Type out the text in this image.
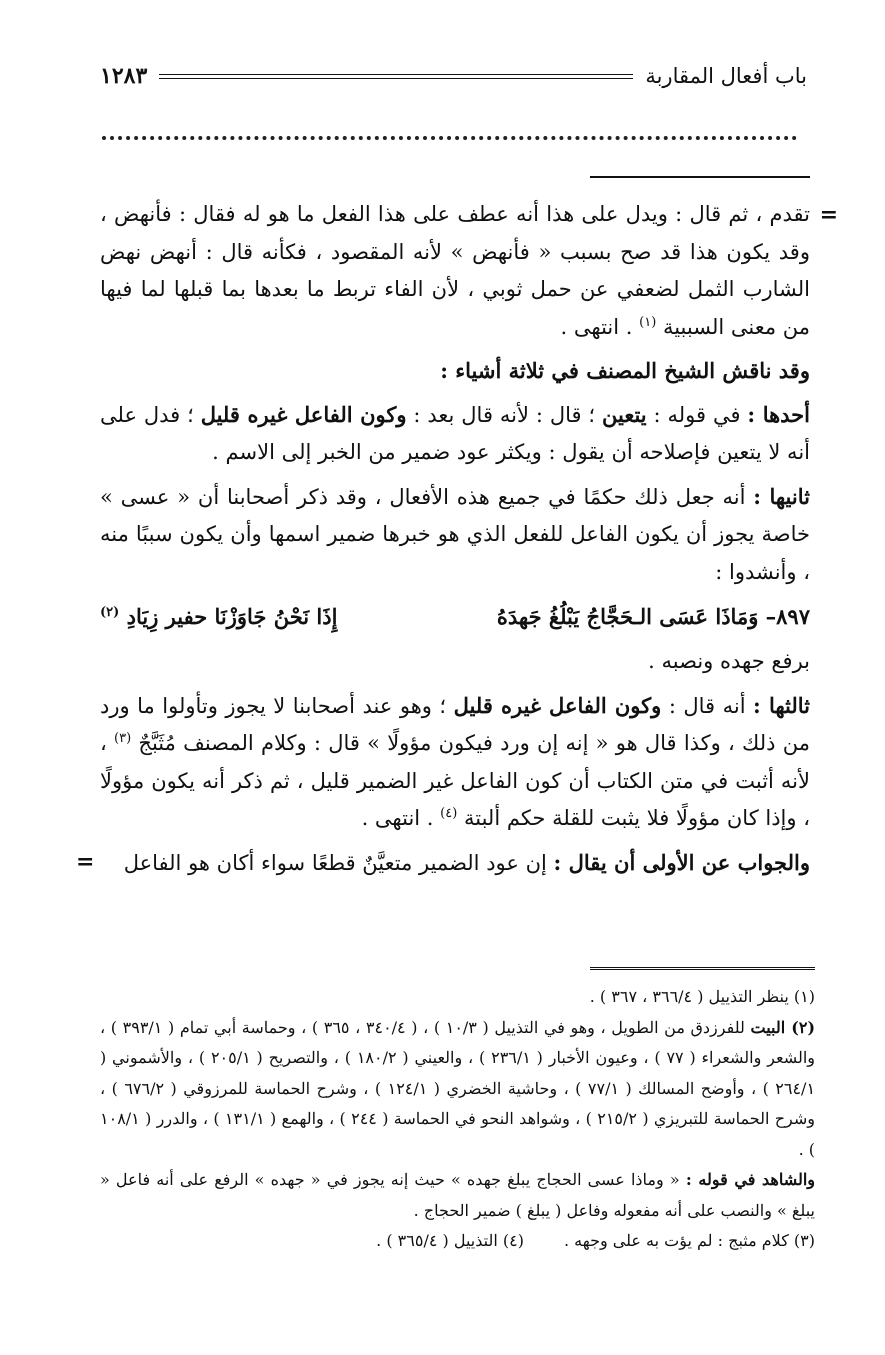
باب أفعال المقاربة
١٢٨٣
=

تقدم ، ثم قال : ويدل على هذا أنه عطف على هذا الفعل ما هو له فقال : فأنهض ، وقد يكون هذا قد صح بسبب « فأنهض » لأنه المقصود ، فكأنه قال : أنهض نهض الشارب الثمل لضعفي عن حمل ثوبي ، لأن الفاء تربط ما بعدها بما قبلها لما فيها من معنى السببية $^{(١)}$ . انتهى .

وقد ناقش الشيخ المصنف في ثلاثة أشياء :

أحدها : في قوله : يتعين ؛ قال : لأنه قال بعد : وكون الفاعل غيره قليل ؛ فدل على أنه لا يتعين فإصلاحه أن يقول : ويكثر عود ضمير من الخبر إلى الاسم .

ثانيها : أنه جعل ذلك حكمًا في جميع هذه الأفعال ، وقد ذكر أصحابنا أن « عسى » خاصة يجوز أن يكون الفاعل للفعل الذي هو خبرها ضمير اسمها وأن يكون سببًا منه ، وأنشدوا :

٨٩٧– وَمَاذَا عَسَى الـحَجَّاجُ يَبْلُغُ جَهدَهُ
إِذَا نَحْنُ جَاوَزْنَا حفير زِيَادِ $^{(٢)}$

برفع جهده ونصبه .

ثالثها : أنه قال : وكون الفاعل غيره قليل ؛ وهو عند أصحابنا لا يجوز وتأولوا ما ورد من ذلك ، وكذا قال هو « إنه إن ورد فيكون مؤولًا » قال : وكلام المصنف مُثَبَّجٌ $^{(٣)}$ ، لأنه أثبت في متن الكتاب أن كون الفاعل غير الضمير قليل ، ثم ذكر أنه يكون مؤولًا ، وإذا كان مؤولًا فلا يثبت للقلة حكم ألبتة $^{(٤)}$ . انتهى .

والجواب عن الأولى أن يقال : إن عود الضمير متعيَّنٌ قطعًا سواء أكان هو الفاعل
=

(١) ينظر التذييل ( ٣٦٦/٤ ، ٣٦٧ ) .

(٢) البيت للفرزدق من الطويل ، وهو في التذييل ( ١٠/٣ ) ، ( ٣٤٠/٤ ، ٣٦٥ ) ، وحماسة أبي تمام ( ٣٩٣/١ ) ، والشعر والشعراء ( ٧٧ ) ، وعيون الأخبار ( ٢٣٦/١ ) ، والعيني ( ١٨٠/٢ ) ، والتصريح ( ٢٠٥/١ ) ، والأشموني ( ٢٦٤/١ ) ، وأوضح المسالك ( ٧٧/١ ) ، وحاشية الخضري ( ١٢٤/١ ) ، وشرح الحماسة للمرزوقي ( ٦٧٦/٢ ) ، وشرح الحماسة للتبريزي ( ٢١٥/٢ ) ، وشواهد النحو في الحماسة ( ٢٤٤ ) ، والهمع ( ١٣١/١ ) ، والدرر ( ١٠٨/١ ) .

والشاهد في قوله : « وماذا عسى الحجاج يبلغ جهده » حيث إنه يجوز في « جهده » الرفع على أنه فاعل « يبلغ » والنصب على أنه مفعوله وفاعل ( يبلغ ) ضمير الحجاج .

(٣) كلام مثبج : لم يؤت به على وجهه .
(٤) التذييل ( ٣٦٥/٤ ) .
